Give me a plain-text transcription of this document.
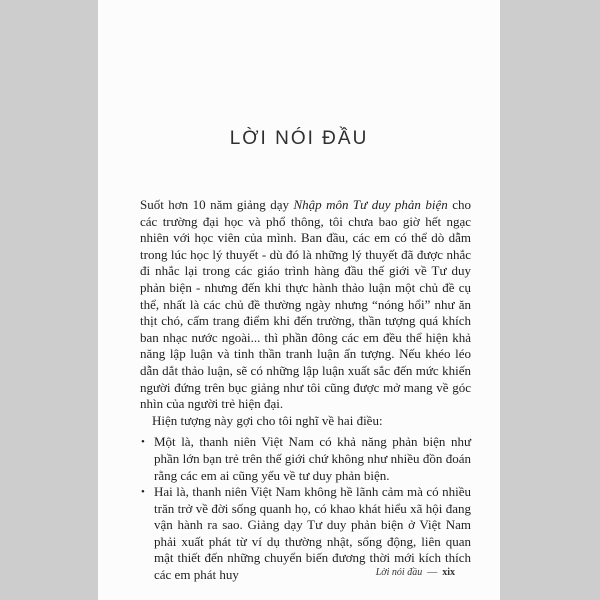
LỜI NÓI ĐẦU

Suốt hơn 10 năm giảng dạy Nhập môn Tư duy phản biện cho các trường đại học và phổ thông, tôi chưa bao giờ hết ngạc nhiên với học viên của mình. Ban đầu, các em có thể dò dẫm trong lúc học lý thuyết - dù đó là những lý thuyết đã được nhắc đi nhắc lại trong các giáo trình hàng đầu thế giới về Tư duy phản biện - nhưng đến khi thực hành thảo luận một chủ đề cụ thể, nhất là các chủ đề thường ngày nhưng “nóng hổi” như ăn thịt chó, cấm trang điểm khi đến trường, thần tượng quá khích ban nhạc nước ngoài... thì phần đông các em đều thể hiện khả năng lập luận và tinh thần tranh luận ấn tượng. Nếu khéo léo dẫn dắt thảo luận, sẽ có những lập luận xuất sắc đến mức khiến người đứng trên bục giảng như tôi cũng được mở mang về góc nhìn của người trẻ hiện đại.

Hiện tượng này gợi cho tôi nghĩ về hai điều:

• Một là, thanh niên Việt Nam có khả năng phản biện như phần lớn bạn trẻ trên thế giới chứ không như nhiều đồn đoán rằng các em ai cũng yếu về tư duy phản biện.
• Hai là, thanh niên Việt Nam không hề lãnh cảm mà có nhiều trăn trở về đời sống quanh họ, có khao khát hiểu xã hội đang vận hành ra sao. Giảng dạy Tư duy phản biện ở Việt Nam phải xuất phát từ ví dụ thường nhật, sống động, liên quan mật thiết đến những chuyển biến đương thời mới kích thích các em phát huy	Lời nói đầu — xix
